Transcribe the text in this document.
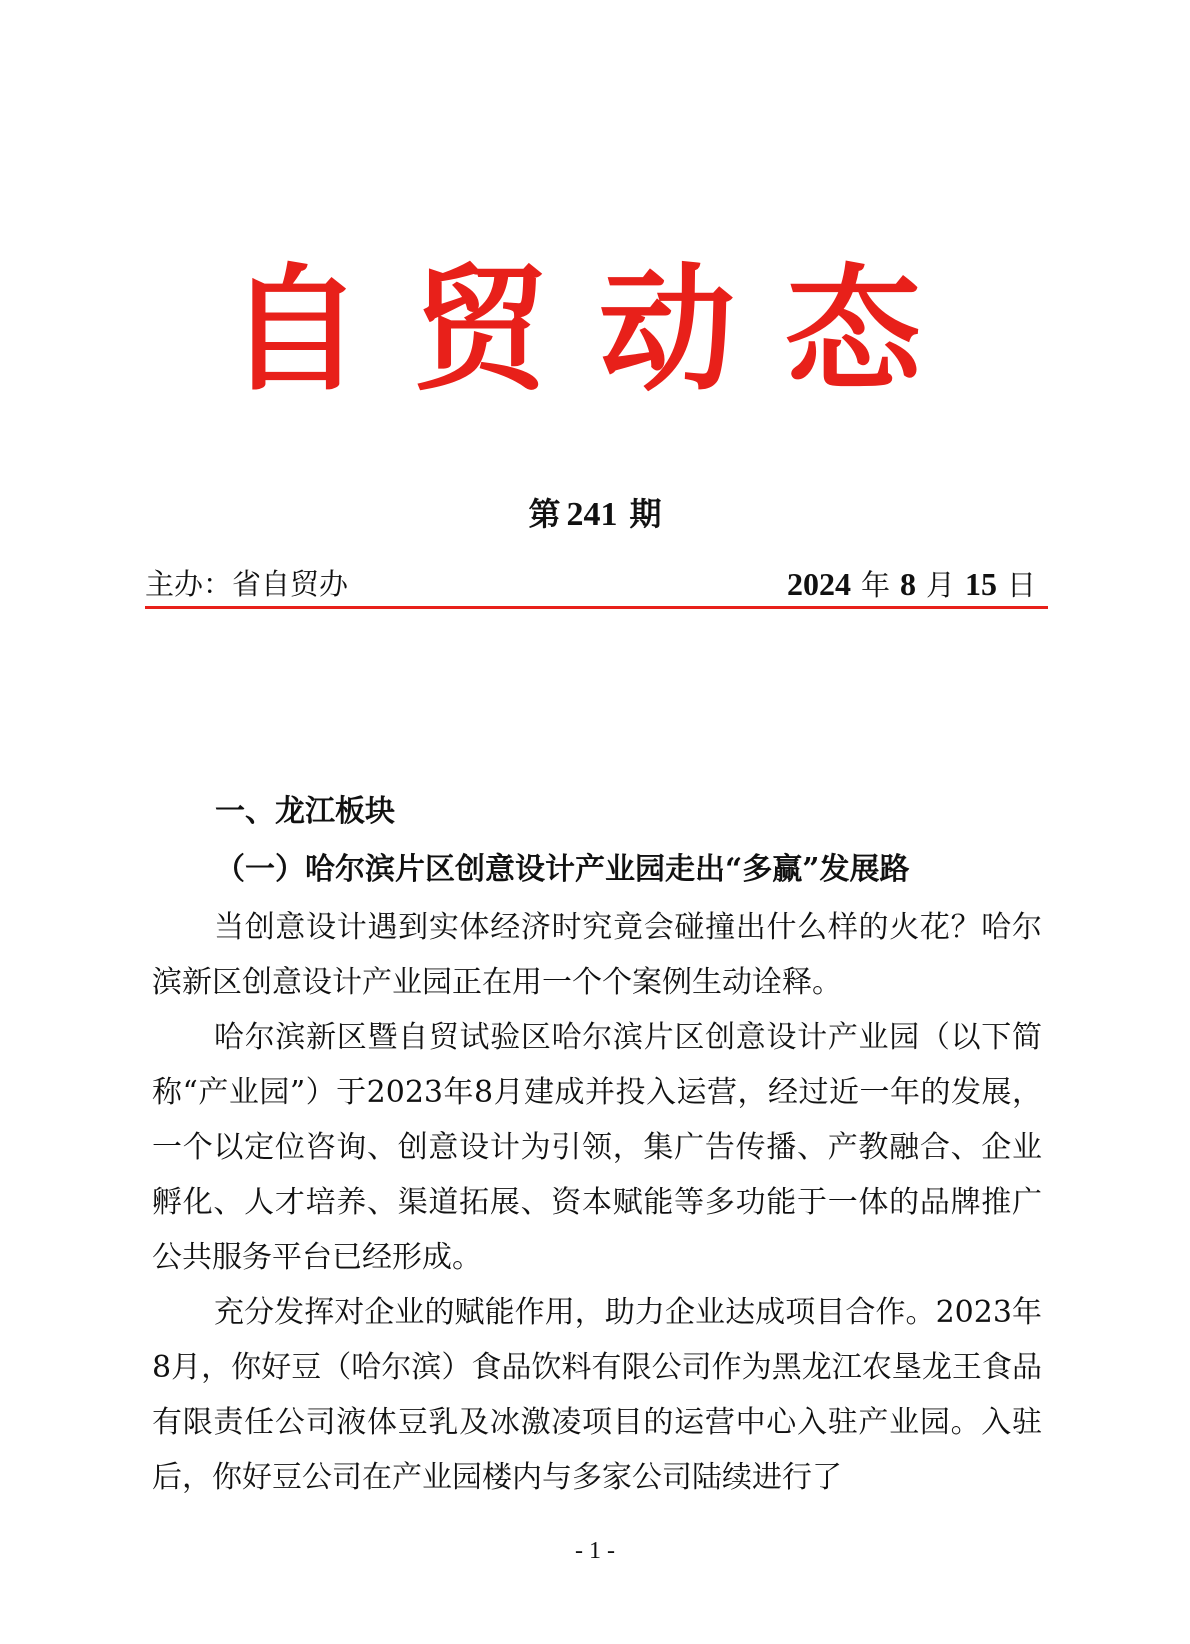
自 贸 动 态
第 241 期
主办：省自贸办	2024 年 8 月 15 日
一、龙江板块
（一）哈尔滨片区创意设计产业园走出“多赢”发展路

当创意设计遇到实体经济时究竟会碰撞出什么样的火花？哈尔滨新区创意设计产业园正在用一个个案例生动诠释。

哈尔滨新区暨自贸试验区哈尔滨片区创意设计产业园（以下简称“产业园”）于2023年8月建成并投入运营，经过近一年的发展，一个以定位咨询、创意设计为引领，集广告传播、产教融合、企业孵化、人才培养、渠道拓展、资本赋能等多功能于一体的品牌推广公共服务平台已经形成。

充分发挥对企业的赋能作用，助力企业达成项目合作。2023年8月，你好豆（哈尔滨）食品饮料有限公司作为黑龙江农垦龙王食品有限责任公司液体豆乳及冰激凌项目的运营中心入驻产业园。入驻后，你好豆公司在产业园楼内与多家公司陆续进行了

- 1 -
